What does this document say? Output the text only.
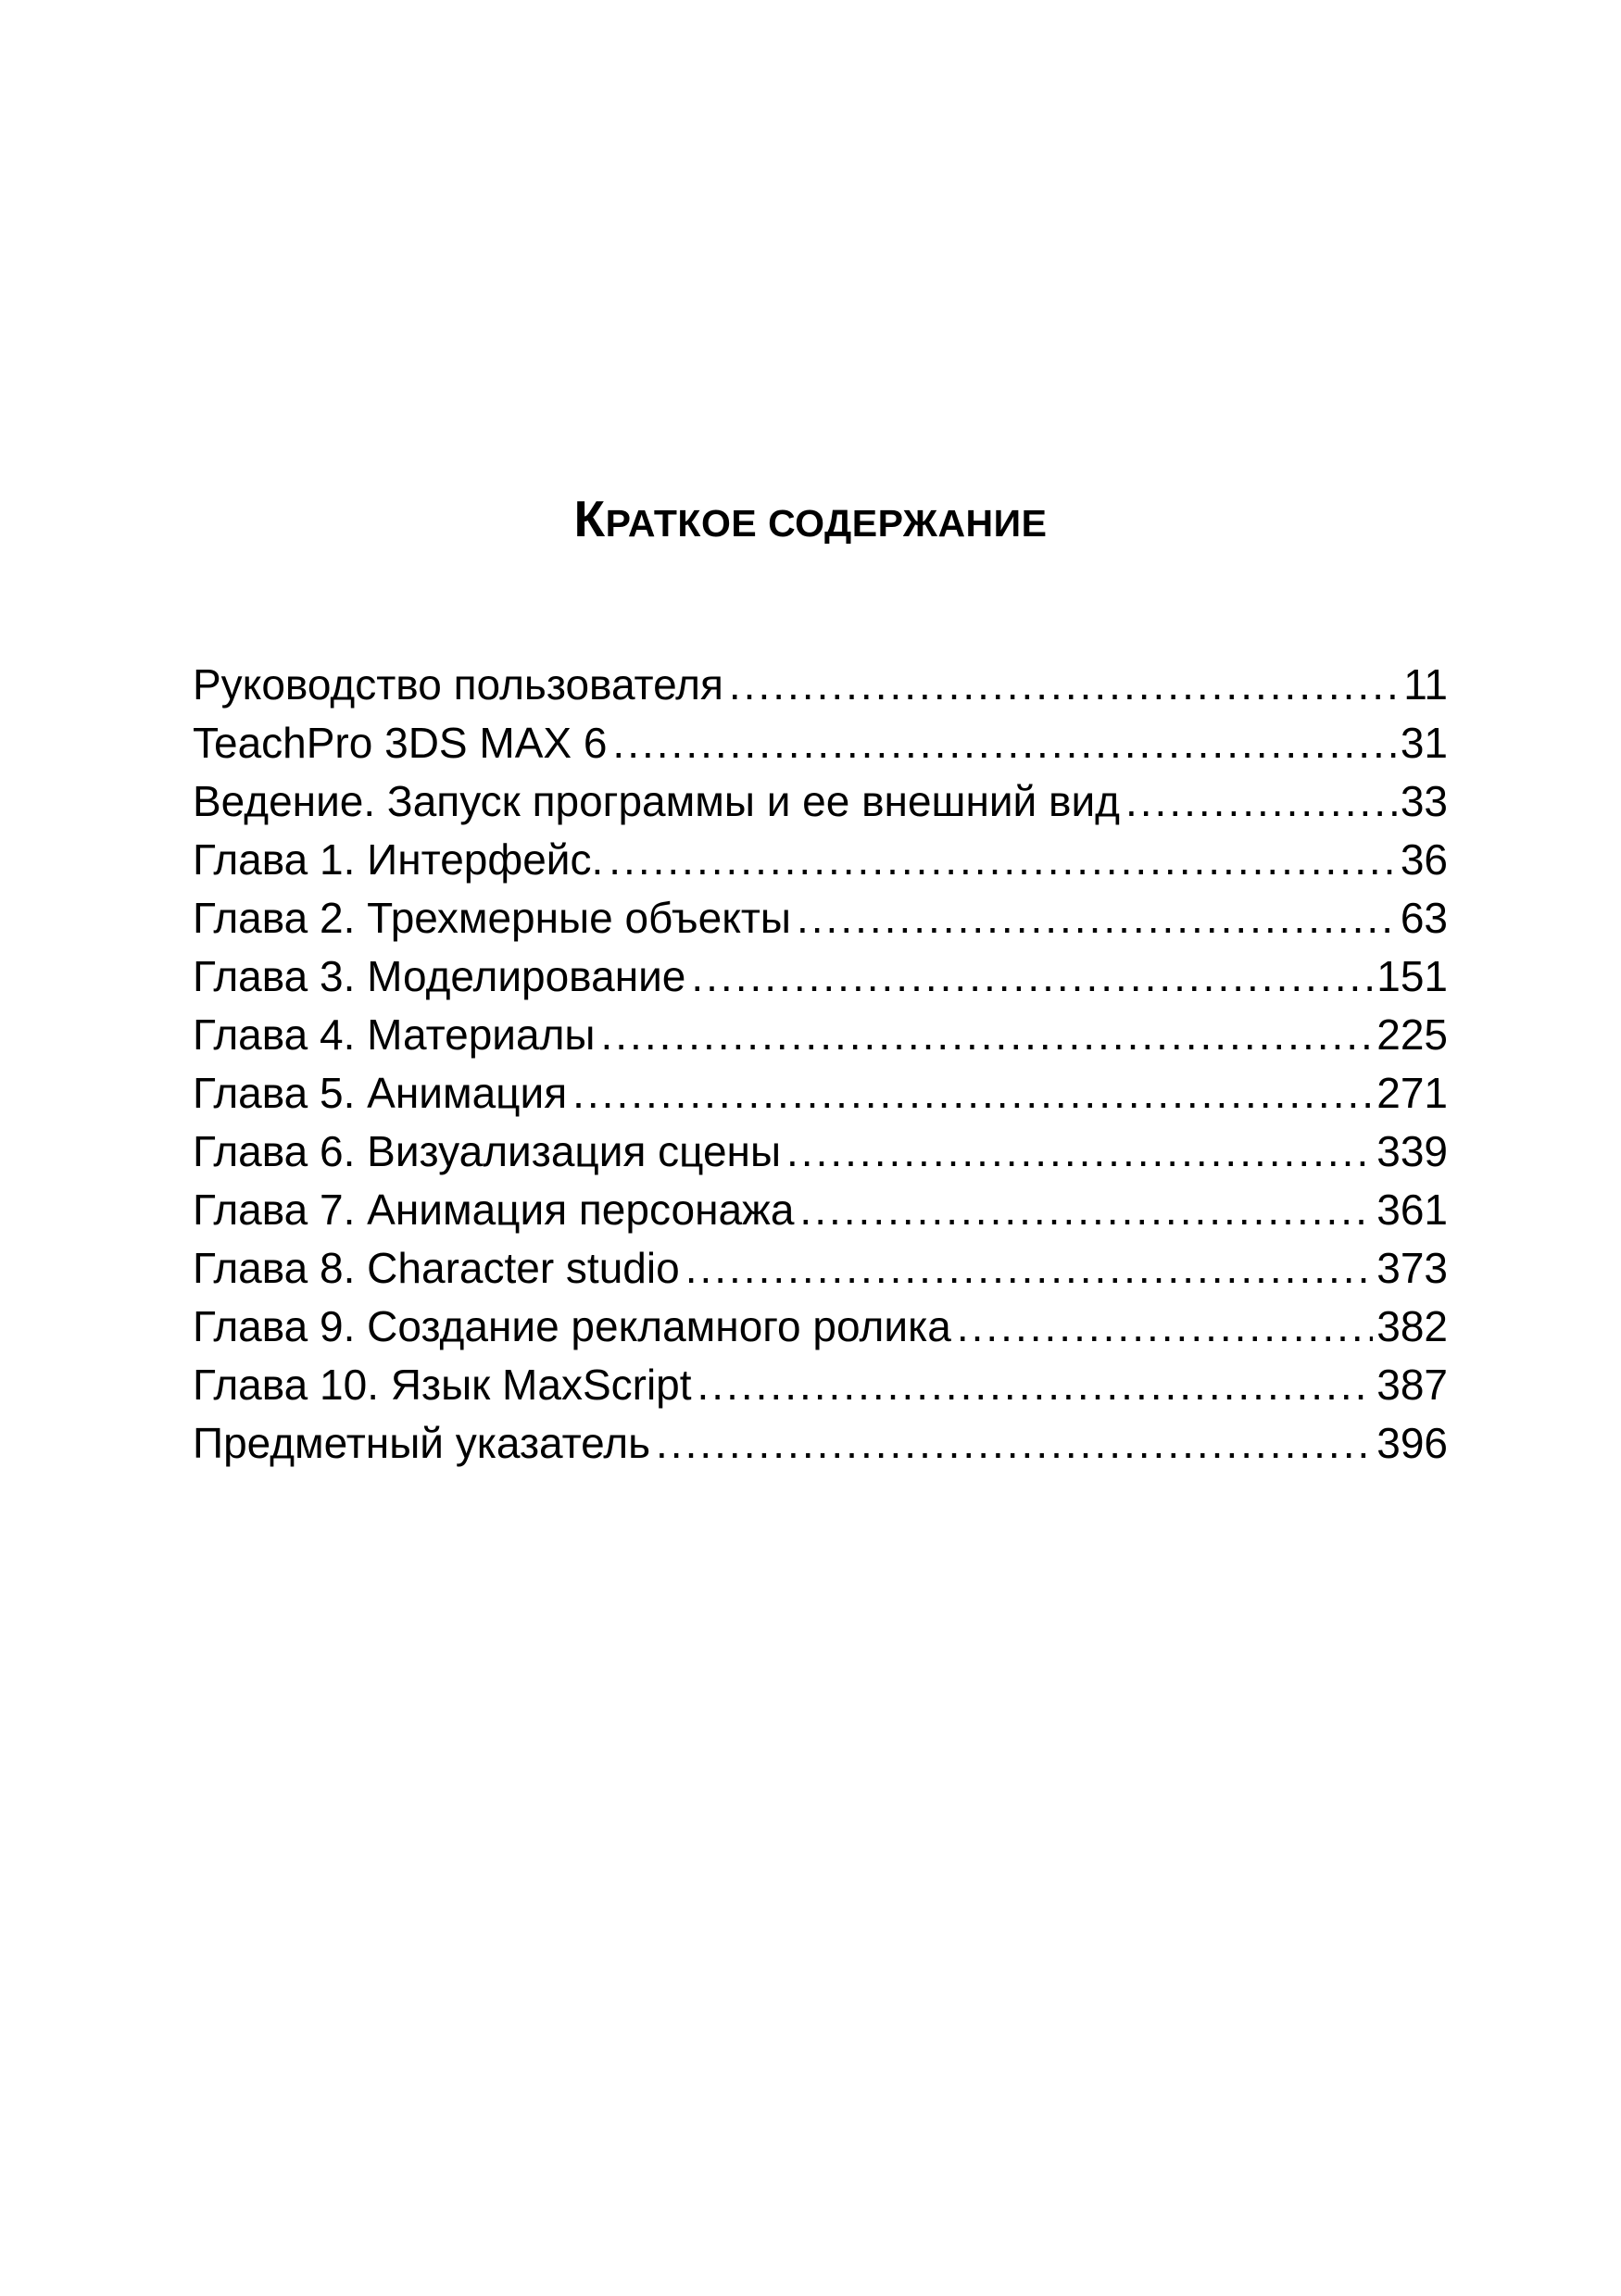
КРАТКОЕ СОДЕРЖАНИЕ
Руководство пользователя .....	11
TeachPro 3DS MAX 6 .....	31
Ведение. Запуск программы и ее внешний вид .....	33
Глава 1. Интерфейс. .....	36
Глава 2. Трехмерные объекты .....	63
Глава 3. Моделирование .....	151
Глава 4. Материалы .....	225
Глава 5. Анимация .....	271
Глава 6. Визуализация сцены .....	339
Глава 7. Анимация персонажа .....	361
Глава 8. Character studio .....	373
Глава 9. Создание рекламного ролика .....	382
Глава 10. Язык MaxScript .....	387
Предметный указатель .....	396
